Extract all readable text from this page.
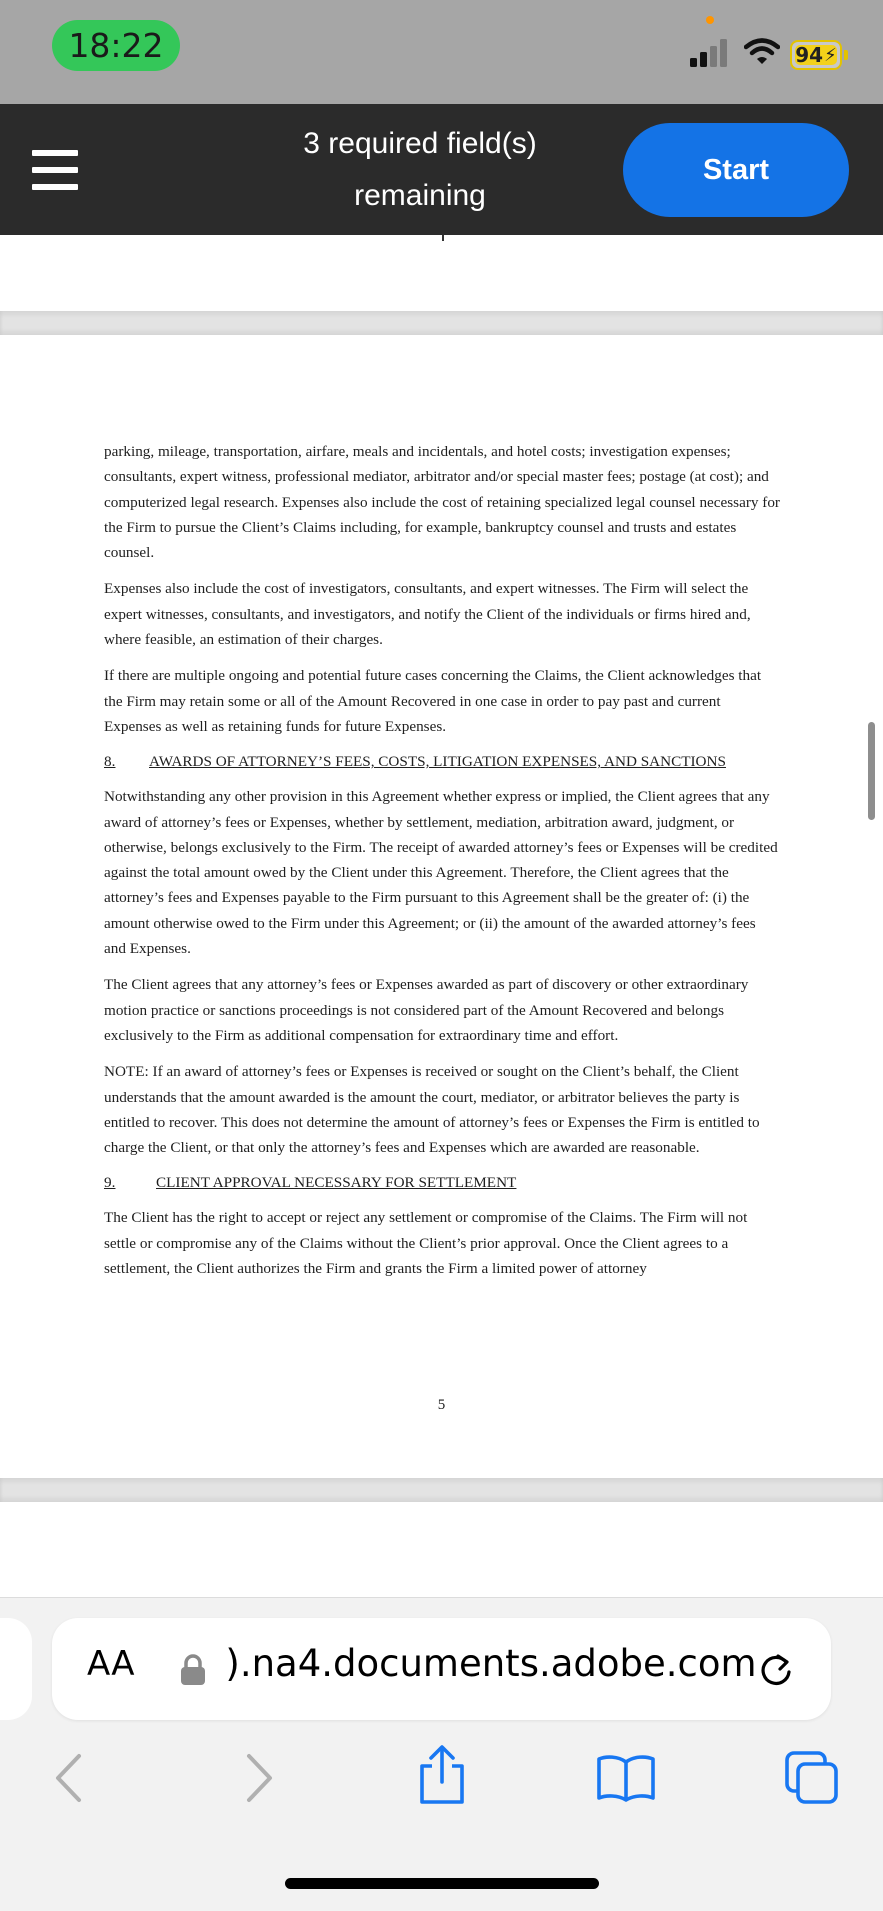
18:22	94 ⚡
3 required field(s)
remaining
Start

parking, mileage, transportation, airfare, meals and incidentals, and hotel costs; investigation expenses; consultants, expert witness, professional mediator, arbitrator and/or special master fees; postage (at cost); and computerized legal research. Expenses also include the cost of retaining specialized legal counsel necessary for the Firm to pursue the Client’s Claims including, for example, bankruptcy counsel and trusts and estates counsel.

Expenses also include the cost of investigators, consultants, and expert witnesses. The Firm will select the expert witnesses, consultants, and investigators, and notify the Client of the individuals or firms hired and, where feasible, an estimation of their charges.

If there are multiple ongoing and potential future cases concerning the Claims, the Client acknowledges that the Firm may retain some or all of the Amount Recovered in one case in order to pay past and current Expenses as well as retaining funds for future Expenses.

8.	AWARDS OF ATTORNEY’S FEES, COSTS, LITIGATION EXPENSES, AND SANCTIONS

Notwithstanding any other provision in this Agreement whether express or implied, the Client agrees that any award of attorney’s fees or Expenses, whether by settlement, mediation, arbitration award, judgment, or otherwise, belongs exclusively to the Firm. The receipt of awarded attorney’s fees or Expenses will be credited against the total amount owed by the Client under this Agreement. Therefore, the Client agrees that the attorney’s fees and Expenses payable to the Firm pursuant to this Agreement shall be the greater of: (i) the amount otherwise owed to the Firm under this Agreement; or (ii) the amount of the awarded attorney’s fees and Expenses.

The Client agrees that any attorney’s fees or Expenses awarded as part of discovery or other extraordinary motion practice or sanctions proceedings is not considered part of the Amount Recovered and belongs exclusively to the Firm as additional compensation for extraordinary time and effort.

NOTE: If an award of attorney’s fees or Expenses is received or sought on the Client’s behalf, the Client understands that the amount awarded is the amount the court, mediator, or arbitrator believes the party is entitled to recover. This does not determine the amount of attorney’s fees or Expenses the Firm is entitled to charge the Client, or that only the attorney’s fees and Expenses which are awarded are reasonable.

9.	CLIENT APPROVAL NECESSARY FOR SETTLEMENT

The Client has the right to accept or reject any settlement or compromise of the Claims. The Firm will not settle or compromise any of the Claims without the Client’s prior approval. Once the Client agrees to a settlement, the Client authorizes the Firm and grants the Firm a limited power of attorney

5
AA  ).na4.documents.adobe.com
